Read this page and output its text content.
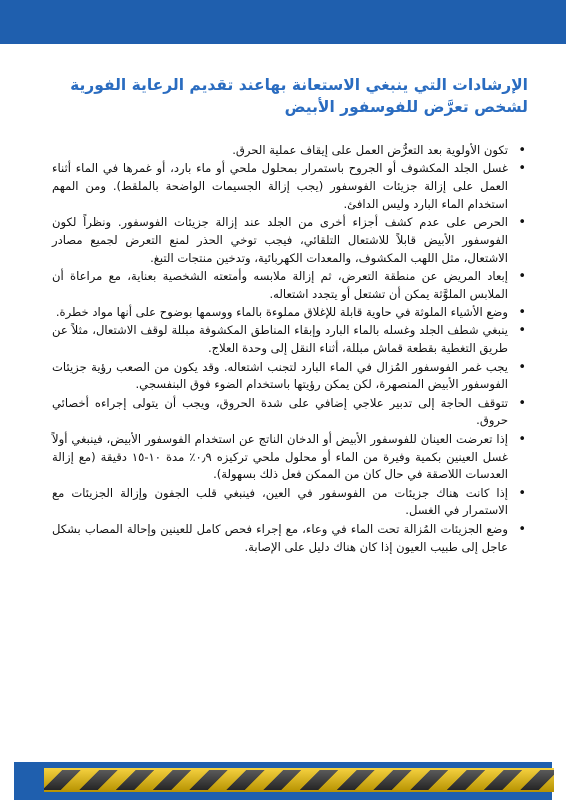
الإرشادات التي ينبغي الاستعانة بهاعند تقديم الرعاية الفورية لشخص تعرَّض للفوسفور الأبيض
•
تكون الأولوية بعد التعرُّض العمل على إيقاف عملية الحرق.
•
غسل الجلد المكشوف أو الجروح باستمرار بمحلول ملحي أو ماء بارد، أو غمرها في الماء أثناء العمل على إزالة جزيئات الفوسفور (يجب إزالة الجسيمات الواضحة بالملقط). ومن المهم استخدام الماء البارد وليس الدافئ.
•
الحرص على عدم كشف أجزاء أخرى من الجلد عند إزالة جزيئات الفوسفور. ونظراً لكون الفوسفور الأبيض قابلاً للاشتعال التلقائي، فيجب توخي الحذر لمنع التعرض لجميع مصادر الاشتعال، مثل اللهب المكشوف، والمعدات الكهربائية، وتدخين منتجات التبغ.
•
إبعاد المريض عن منطقة التعرض، ثم إزالة ملابسه وأمتعته الشخصية بعناية، مع مراعاة أن الملابس الملوَّثة يمكن أن تشتعل أو يتجدد اشتعاله.
•
وضع الأشياء الملوثة في حاوية قابلة للإغلاق مملوءة بالماء ووسمها بوضوح على أنها مواد خطرة.
•
ينبغي شطف الجلد وغسله بالماء البارد وإبقاء المناطق المكشوفة مبللة لوقف الاشتعال، مثلاً عن طريق التغطية بقطعة قماش مبللة، أثناء النقل إلى وحدة العلاج.
•
يجب غمر الفوسفور المُزال في الماء البارد لتجنب اشتعاله. وقد يكون من الصعب رؤية جزيئات الفوسفور الأبيض المنصهرة، لكن يمكن رؤيتها باستخدام الضوء فوق البنفسجي.
•
تتوقف الحاجة إلى تدبير علاجي إضافي على شدة الحروق، ويجب أن يتولى إجراءه أخصائي حروق.
•
إذا تعرضت العينان للفوسفور الأبيض أو الدخان الناتج عن استخدام الفوسفور الأبيض، فينبغي أولاً غسل العينين بكمية وفيرة من الماء أو محلول ملحي تركيزه ٠٫٩٪ مدة ١٠-١٥ دقيقة (مع إزالة العدسات اللاصقة في حال كان من الممكن فعل ذلك بسهولة).
•
إذا كانت هناك جزيئات من الفوسفور في العين، فينبغي قلب الجفون وإزالة الجزيئات مع الاستمرار في الغسل.
•
وضع الجزيئات المُزالة تحت الماء في وعاء، مع إجراء فحص كامل للعينين وإحالة المصاب بشكل عاجل إلى طبيب العيون إذا كان هناك دليل على الإصابة.
